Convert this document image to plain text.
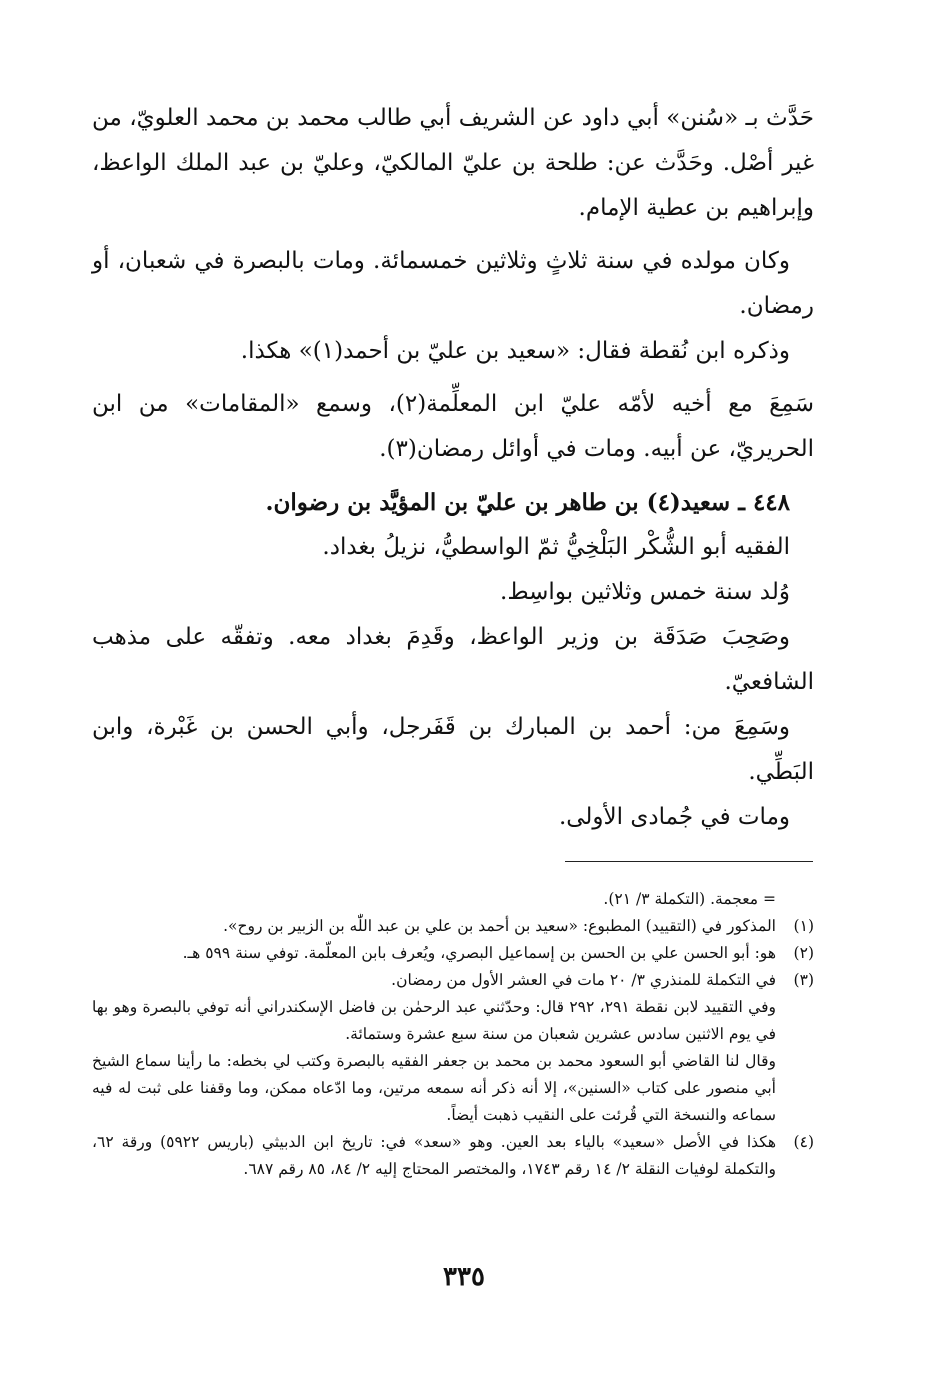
حَدَّث بـ «سُنن» أبي داود عن الشريف أبي طالب محمد بن محمد العلويّ، من غير أصْل. وحَدَّث عن: طلحة بن عليّ المالكيّ، وعليّ بن عبد الملك الواعظ، وإبراهيم بن عطية الإمام.

وكان مولده في سنة ثلاثٍ وثلاثين خمسمائة. ومات بالبصرة في شعبان، أو رمضان.

وذكره ابن نُقطة فقال: «سعيد بن عليّ بن أحمد(١)» هكذا.

سَمِعَ مع أخيه لأمّه عليّ ابن المعلِّمة(٢)، وسمع «المقامات» من ابن الحريريّ، عن أبيه. ومات في أوائل رمضان(٣).

٤٤٨ ـ سعيد(٤) بن طاهر بن عليّ بن المؤيَّد بن رضوان.

الفقيه أبو الشُّكْر البَلْخِيُّ ثمّ الواسطيُّ، نزيلُ بغداد.

وُلد سنة خمس وثلاثين بواسِط.

وصَحِبَ صَدَقَة بن وزير الواعظ، وقَدِمَ بغداد معه. وتفقّه على مذهب الشافعيّ.

وسَمِعَ من: أحمد بن المبارك بن قَفَرجل، وأبي الحسن بن غَبْرة، وابن البَطِّي.

ومات في جُمادى الأولى.

= معجمة. (التكملة ٣/ ٢١).

(١)
المذكور في (التقييد) المطبوع: «سعيد بن أحمد بن علي بن عبد اللّٰه بن الزبير بن روح».
(٢)
هو: أبو الحسن علي بن الحسن بن إسماعيل البصري، ويُعرف بابن المعلّمة. توفي سنة ٥٩٩ هـ.
(٣)
في التكملة للمنذري ٣/ ٢٠ مات في العشر الأول من رمضان.

وفي التقييد لابن نقطة ٢٩١، ٢٩٢ قال: وحدّثني عبد الرحمٰن بن فاضل الإسكندراني أنه توفي بالبصرة وهو بها في يوم الاثنين سادس عشرين شعبان من سنة سبع عشرة وستمائة.

وقال لنا القاضي أبو السعود محمد بن محمد بن جعفر الفقيه بالبصرة وكتب لي بخطه: ما رأينا سماع الشيخ أبي منصور على كتاب «السنين»، إلا أنه ذكر أنه سمعه مرتين، وما ادّعاه ممكن، وما وقفنا على ثبت له فيه سماعه والنسخة التي قُرئت على النقيب ذهبت أيضاً.

(٤)
هكذا في الأصل «سعيد» بالياء بعد العين. وهو «سعد» في: تاريخ ابن الدبيثي (باريس ٥٩٢٢) ورقة ٦٢، والتكملة لوفيات النقلة ٢/ ١٤ رقم ١٧٤٣، والمختصر المحتاج إليه ٢/ ٨٤، ٨٥ رقم ٦٨٧.
٣٣٥
